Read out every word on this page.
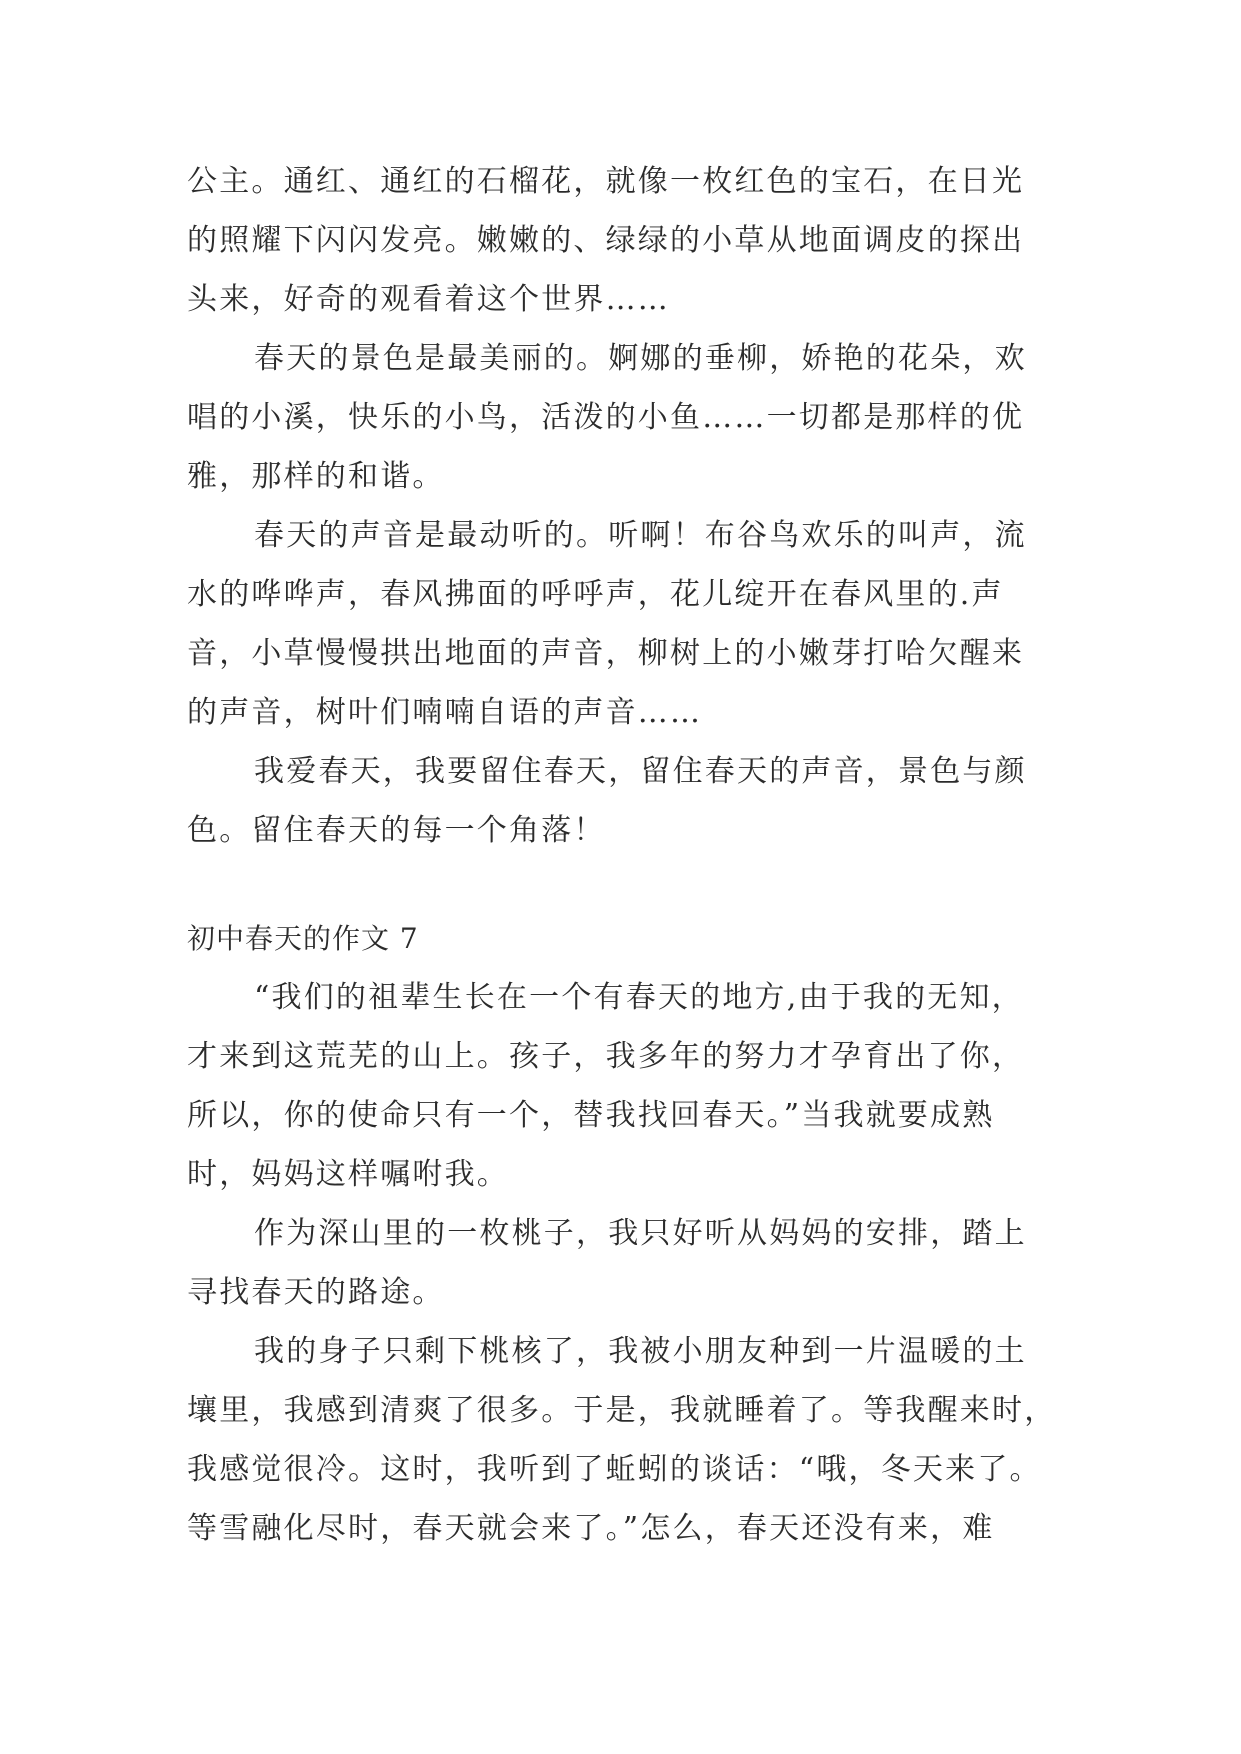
公主。通红、通红的石榴花，就像一枚红色的宝石，在日光
的照耀下闪闪发亮。嫩嫩的、绿绿的小草从地面调皮的探出
头来，好奇的观看着这个世界……
春天的景色是最美丽的。婀娜的垂柳，娇艳的花朵，欢
唱的小溪，快乐的小鸟，活泼的小鱼……一切都是那样的优
雅，那样的和谐。
春天的声音是最动听的。听啊！布谷鸟欢乐的叫声，流
水的哗哗声，春风拂面的呼呼声，花儿绽开在春风里的.声
音，小草慢慢拱出地面的声音，柳树上的小嫩芽打哈欠醒来
的声音，树叶们喃喃自语的声音……
我爱春天，我要留住春天，留住春天的声音，景色与颜
色。留住春天的每一个角落！
初中春天的作文 7
“我们的祖辈生长在一个有春天的地方,由于我的无知，
才来到这荒芜的山上。孩子，我多年的努力才孕育出了你，
所以，你的使命只有一个，替我找回春天。”当我就要成熟
时，妈妈这样嘱咐我。
作为深山里的一枚桃子，我只好听从妈妈的安排，踏上
寻找春天的路途。
我的身子只剩下桃核了，我被小朋友种到一片温暖的土
壤里，我感到清爽了很多。于是，我就睡着了。等我醒来时，
我感觉很冷。这时，我听到了蚯蚓的谈话：“哦，冬天来了。
等雪融化尽时，春天就会来了。”怎么，春天还没有来，难
